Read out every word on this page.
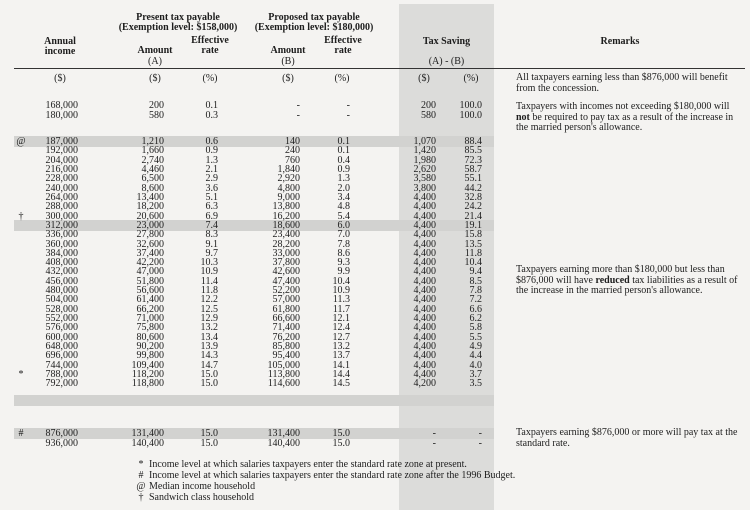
Annual
income
Present tax payable
(Exemption level: $158,000)
Proposed tax payable
(Exemption level: $180,000)
Effective
rate
Effective
rate
Amount	Amount
(A)	(B)
Tax Saving
(A) - (B)
Remarks
($)	($)	(%)	($)	(%)	($)	(%)
168,000	200	0.1	-	-	200	100.0
180,000	580	0.3	-	-	580	100.0
@	187,000	1,210	0.6	140	0.1	1,070	88.4
192,000	1,660	0.9	240	0.1	1,420	85.5
204,000	2,740	1.3	760	0.4	1,980	72.3
216,000	4,460	2.1	1,840	0.9	2,620	58.7
228,000	6,500	2.9	2,920	1.3	3,580	55.1
240,000	8,600	3.6	4,800	2.0	3,800	44.2
264,000	13,400	5.1	9,000	3.4	4,400	32.8
288,000	18,200	6.3	13,800	4.8	4,400	24.2
†	300,000	20,600	6.9	16,200	5.4	4,400	21.4
312,000	23,000	7.4	18,600	6.0	4,400	19.1
336,000	27,800	8.3	23,400	7.0	4,400	15.8
360,000	32,600	9.1	28,200	7.8	4,400	13.5
384,000	37,400	9.7	33,000	8.6	4,400	11.8
408,000	42,200	10.3	37,800	9.3	4,400	10.4
432,000	47,000	10.9	42,600	9.9	4,400	9.4
456,000	51,800	11.4	47,400	10.4	4,400	8.5
480,000	56,600	11.8	52,200	10.9	4,400	7.8
504,000	61,400	12.2	57,000	11.3	4,400	7.2
528,000	66,200	12.5	61,800	11.7	4,400	6.6
552,000	71,000	12.9	66,600	12.1	4,400	6.2
576,000	75,800	13.2	71,400	12.4	4,400	5.8
600,000	80,600	13.4	76,200	12.7	4,400	5.5
648,000	90,200	13.9	85,800	13.2	4,400	4.9
696,000	99,800	14.3	95,400	13.7	4,400	4.4
744,000	109,400	14.7	105,000	14.1	4,400	4.0
*	788,000	118,200	15.0	113,800	14.4	4,400	3.7
792,000	118,800	15.0	114,600	14.5	4,200	3.5
#	876,000	131,400	15.0	131,400	15.0	-	-
936,000	140,400	15.0	140,400	15.0	-	-
All taxpayers earning less than $876,000 will benefit from the concession.
Taxpayers with incomes not exceeding $180,000 will not be required to pay tax as a result of the increase in the married person's allowance.
Taxpayers earning more than $180,000 but less than $876,000 will have reduced tax liabilities as a result of the increase in the married person's allowance.
Taxpayers earning $876,000 or more will pay tax at the standard rate.
* Income level at which salaries taxpayers enter the standard rate zone at present.
# Income level at which salaries taxpayers enter the standard rate zone after the 1996 Budget.
@ Median income household
† Sandwich class household
